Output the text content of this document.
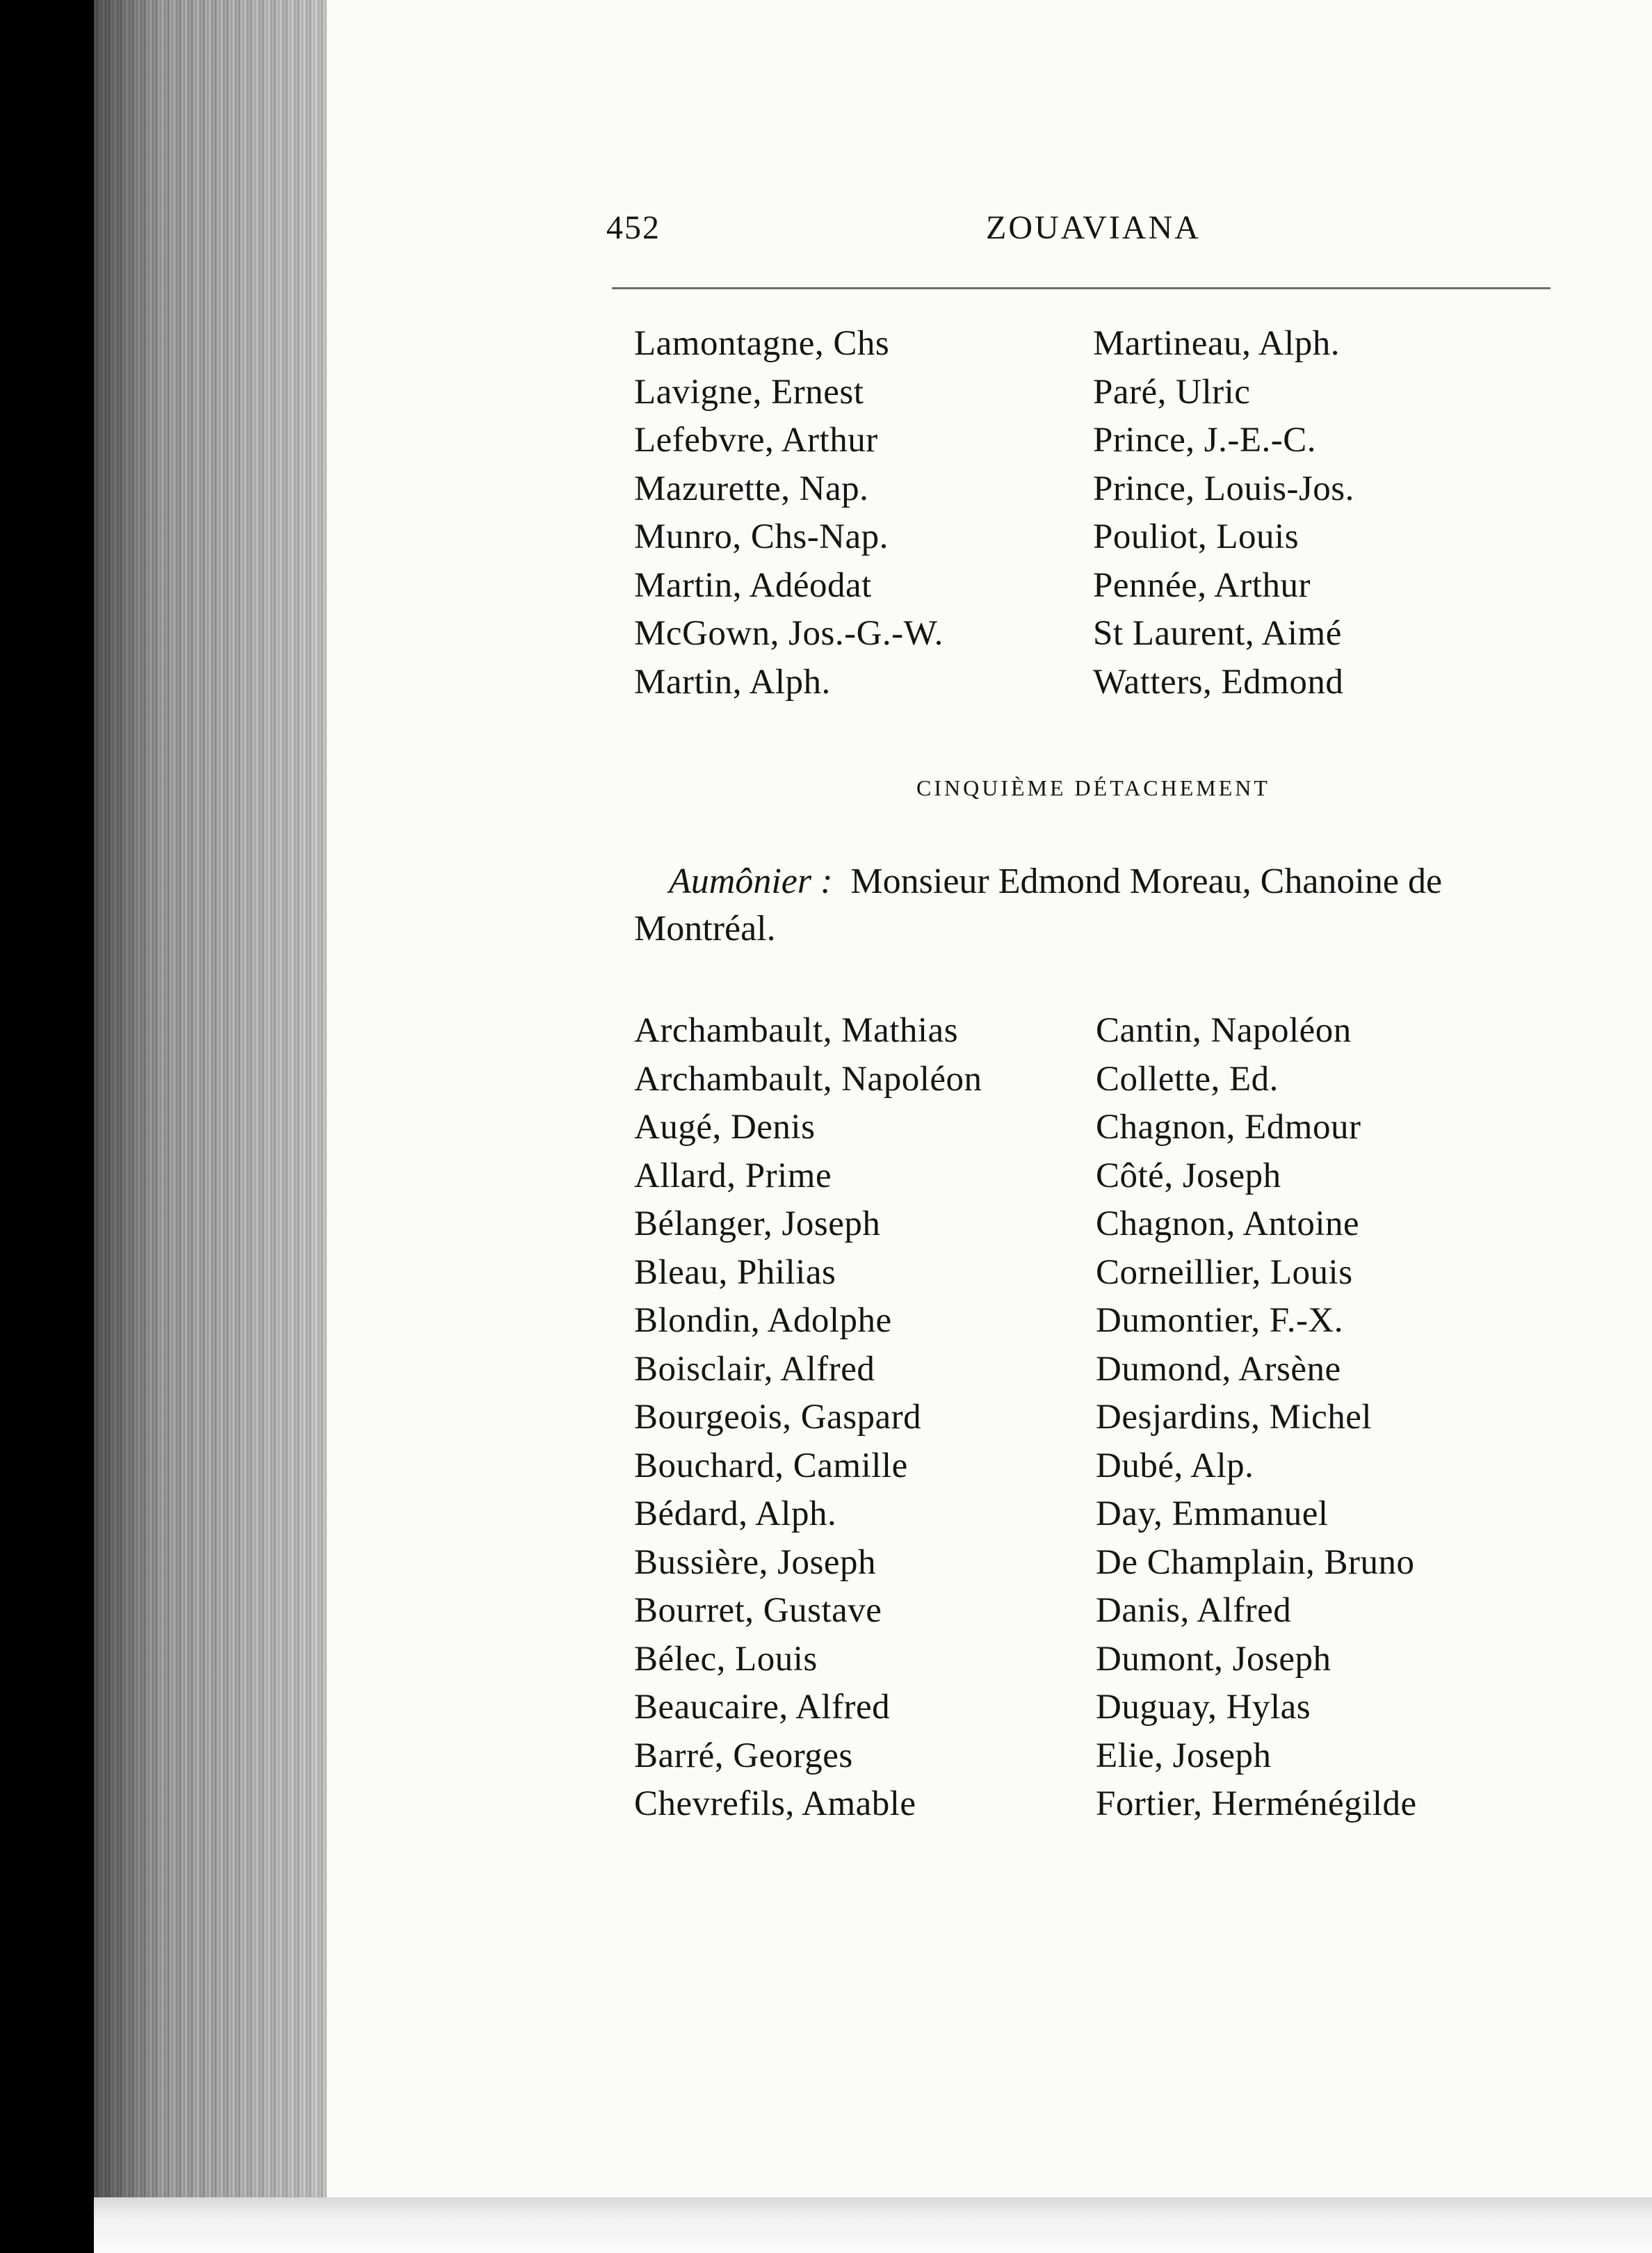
452	ZOUAVIANA
Lamontagne, Chs
Lavigne, Ernest
Lefebvre, Arthur
Mazurette, Nap.
Munro, Chs-Nap.
Martin, Adéodat
McGown, Jos.-G.-W.
Martin, Alph.
Martineau, Alph.
Paré, Ulric
Prince, J.-E.-C.
Prince, Louis-Jos.
Pouliot, Louis
Pennée, Arthur
St Laurent, Aimé
Watters, Edmond
CINQUIÈME DÉTACHEMENT
Aumônier : Monsieur Edmond Moreau, Chanoine de
Montréal.
Archambault, Mathias
Archambault, Napoléon
Augé, Denis
Allard, Prime
Bélanger, Joseph
Bleau, Philias
Blondin, Adolphe
Boisclair, Alfred
Bourgeois, Gaspard
Bouchard, Camille
Bédard, Alph.
Bussière, Joseph
Bourret, Gustave
Bélec, Louis
Beaucaire, Alfred
Barré, Georges
Chevrefils, Amable
Cantin, Napoléon
Collette, Ed.
Chagnon, Edmour
Côté, Joseph
Chagnon, Antoine
Corneillier, Louis
Dumontier, F.-X.
Dumond, Arsène
Desjardins, Michel
Dubé, Alp.
Day, Emmanuel
De Champlain, Bruno
Danis, Alfred
Dumont, Joseph
Duguay, Hylas
Elie, Joseph
Fortier, Herménégilde
